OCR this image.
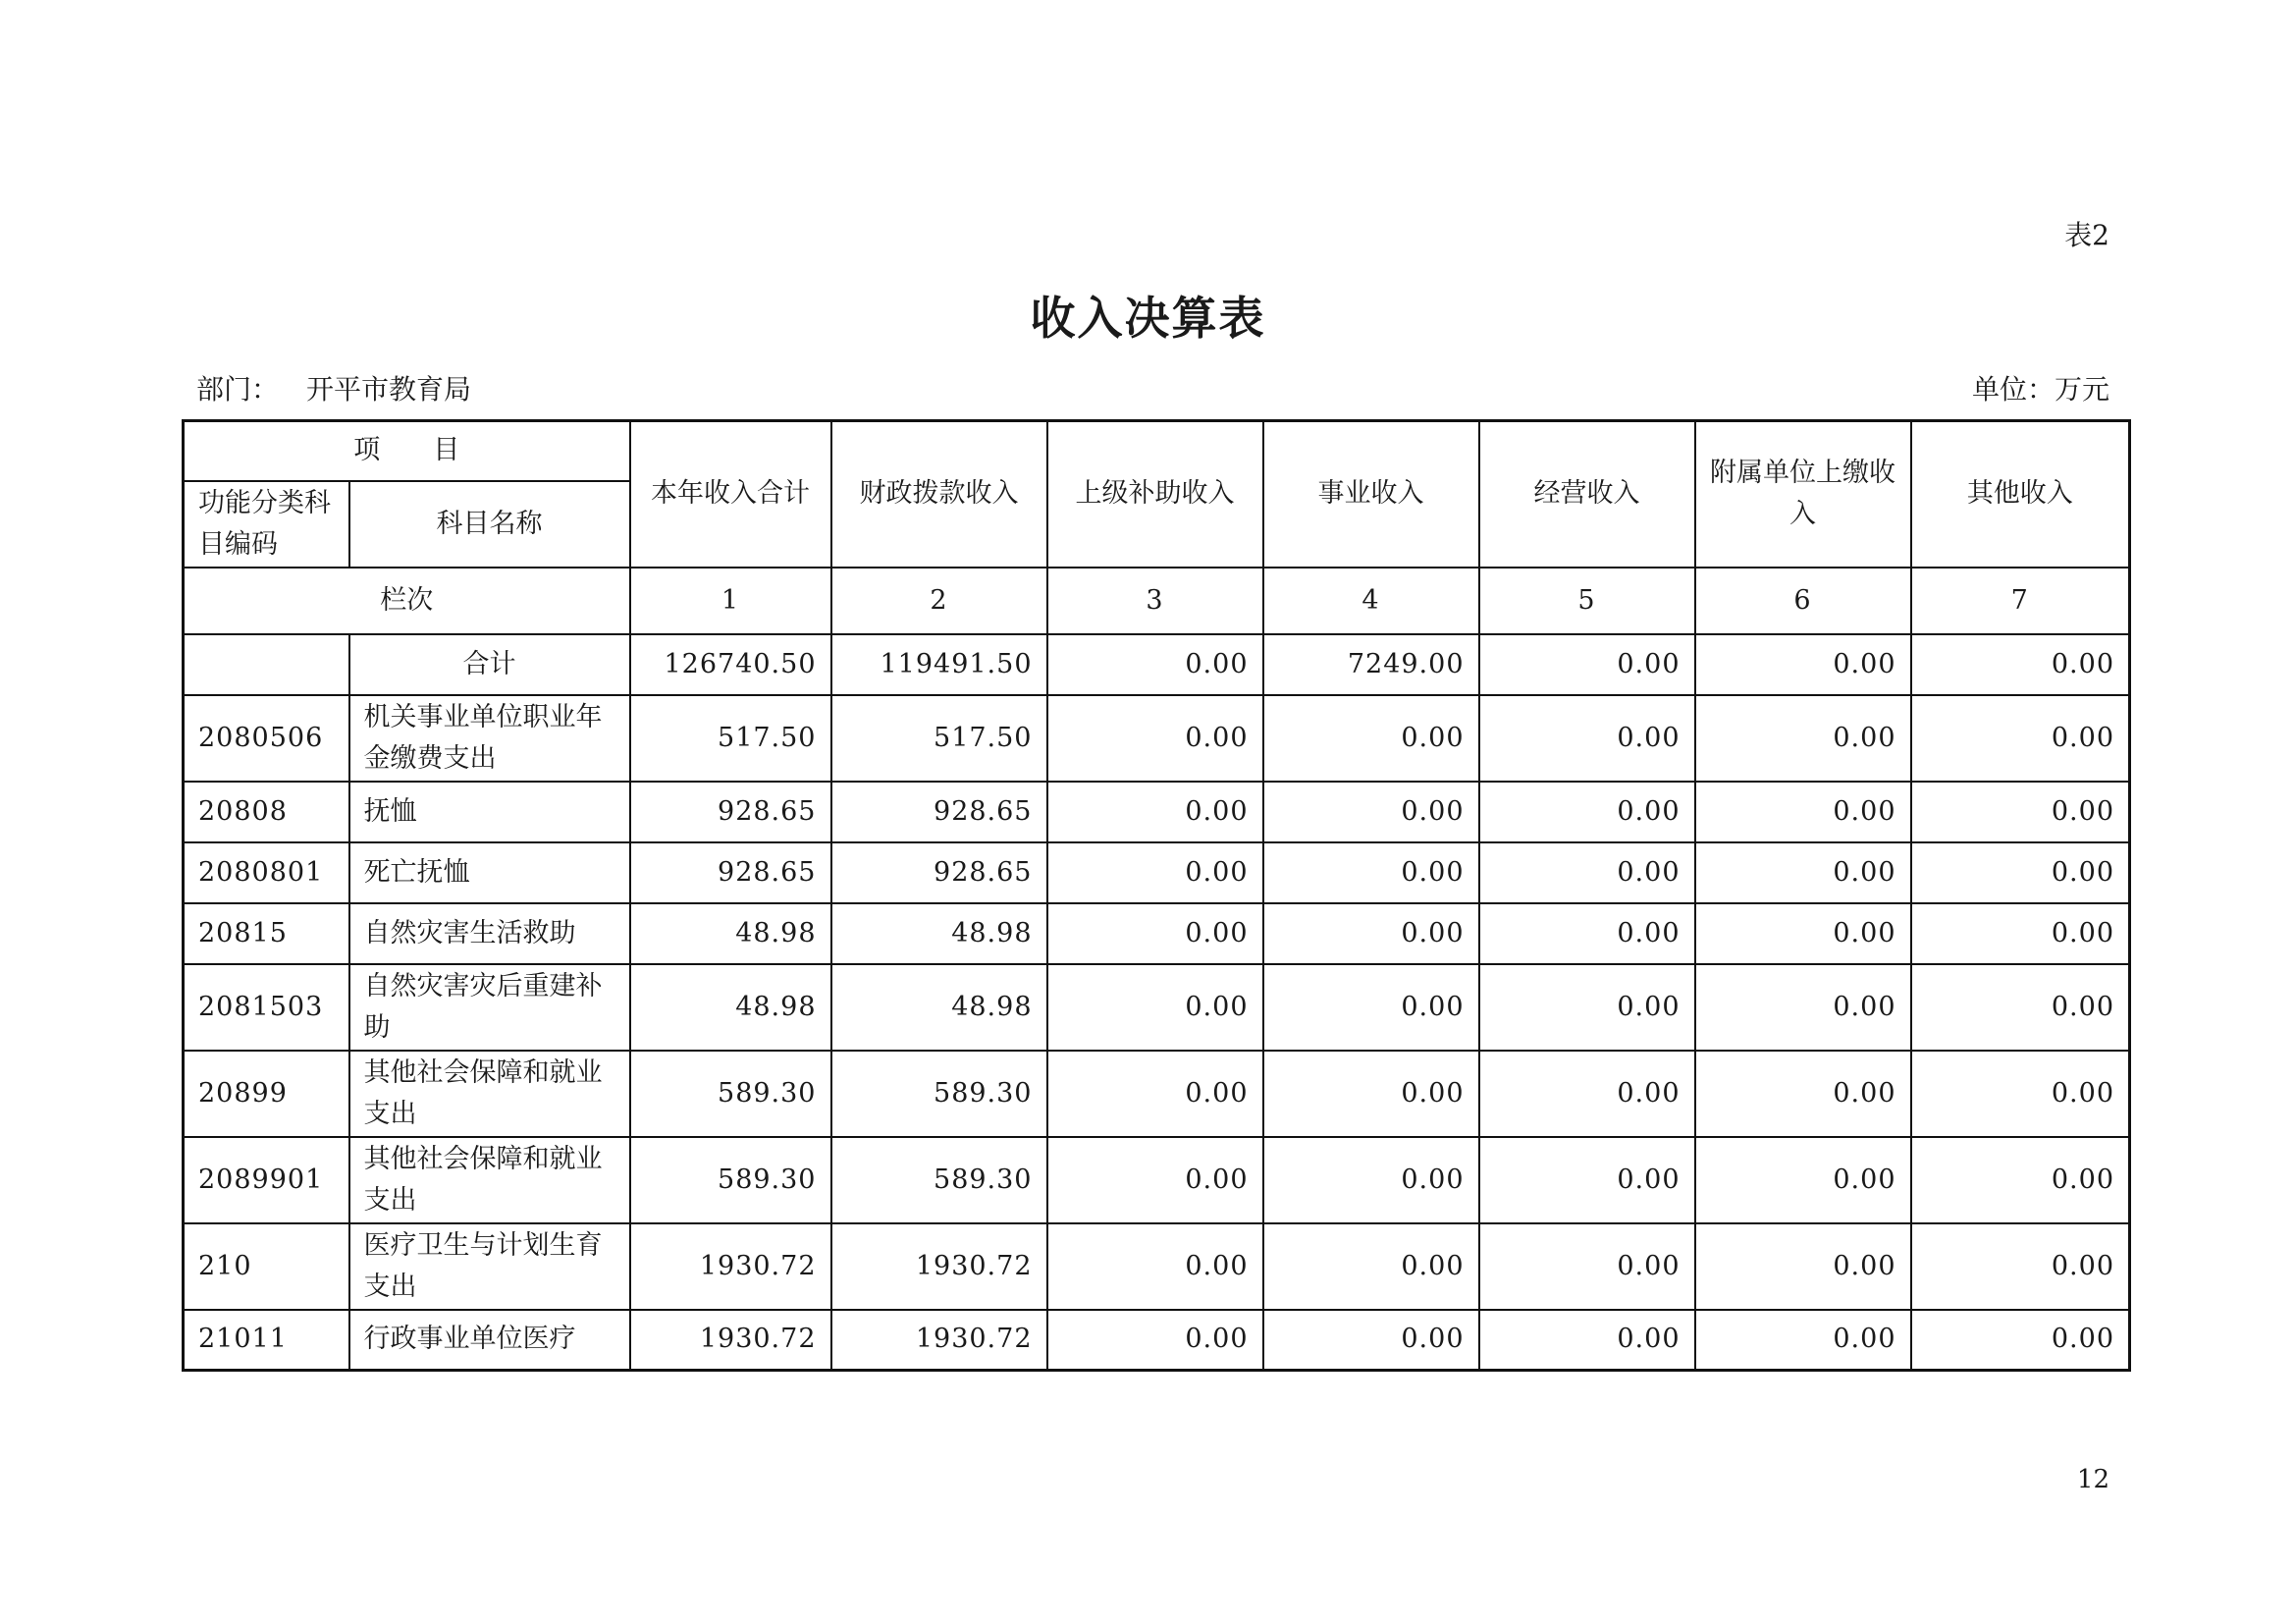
表2
收入决算表
部门： 开平市教育局	单位：万元
项　　目		本年收入合计	财政拨款收入	上级补助收入	事业收入	经营收入	附属单位上缴收入	其他收入
功能分类科目编码	科目名称							
栏次		1	2	3	4	5	6	7
	合计	126740.50	119491.50	0.00	7249.00	0.00	0.00	0.00
2080506	机关事业单位职业年金缴费支出	517.50	517.50	0.00	0.00	0.00	0.00	0.00
20808	抚恤	928.65	928.65	0.00	0.00	0.00	0.00	0.00
2080801	死亡抚恤	928.65	928.65	0.00	0.00	0.00	0.00	0.00
20815	自然灾害生活救助	48.98	48.98	0.00	0.00	0.00	0.00	0.00
2081503	自然灾害灾后重建补助	48.98	48.98	0.00	0.00	0.00	0.00	0.00
20899	其他社会保障和就业支出	589.30	589.30	0.00	0.00	0.00	0.00	0.00
2089901	其他社会保障和就业支出	589.30	589.30	0.00	0.00	0.00	0.00	0.00
210	医疗卫生与计划生育支出	1930.72	1930.72	0.00	0.00	0.00	0.00	0.00
21011	行政事业单位医疗	1930.72	1930.72	0.00	0.00	0.00	0.00	0.00
12
